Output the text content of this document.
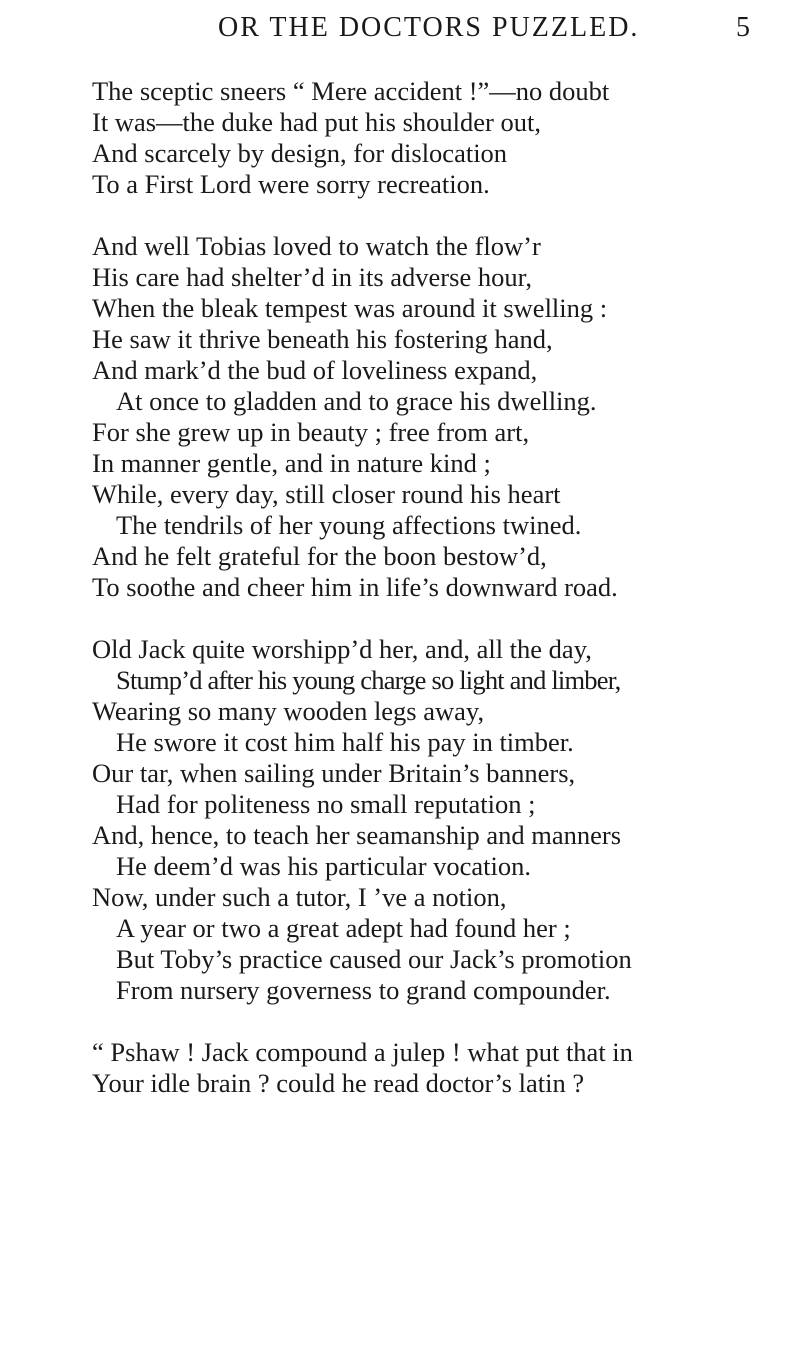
OR THE DOCTORS PUZZLED.	5
The sceptic sneers “ Mere accident !”—no doubt
It was—the duke had put his shoulder out,
And scarcely by design, for dislocation
To a First Lord were sorry recreation.
And well Tobias loved to watch the flow’r
His care had shelter’d in its adverse hour,
When the bleak tempest was around it swelling :
He saw it thrive beneath his fostering hand,
And mark’d the bud of loveliness expand,
At once to gladden and to grace his dwelling.
For she grew up in beauty ; free from art,
In manner gentle, and in nature kind ;
While, every day, still closer round his heart
The tendrils of her young affections twined.
And he felt grateful for the boon bestow’d,
To soothe and cheer him in life’s downward road.
Old Jack quite worshipp’d her, and, all the day,
Stump’d after his young charge so light and limber,
Wearing so many wooden legs away,
He swore it cost him half his pay in timber.
Our tar, when sailing under Britain’s banners,
Had for politeness no small reputation ;
And, hence, to teach her seamanship and manners
He deem’d was his particular vocation.
Now, under such a tutor, I ’ve a notion,
A year or two a great adept had found her ;
But Toby’s practice caused our Jack’s promotion
From nursery governess to grand compounder.
“ Pshaw ! Jack compound a julep ! what put that in
Your idle brain ? could he read doctor’s latin ?
